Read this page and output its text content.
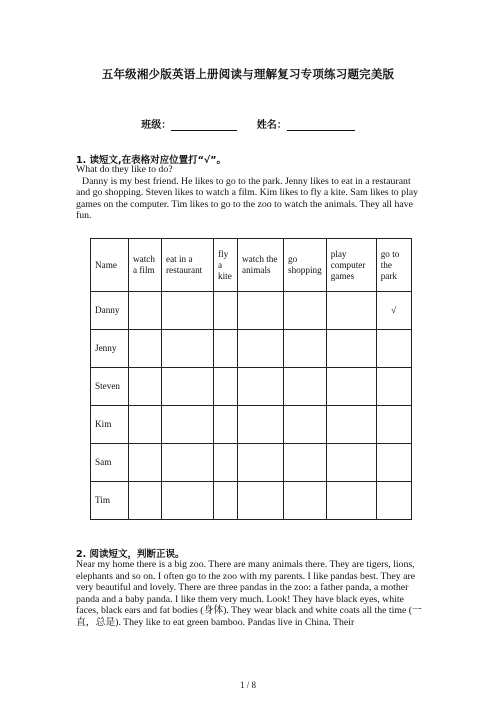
五年级湘少版英语上册阅读与理解复习专项练习题完美版
班级：	姓名：
1. 读短文,在表格对应位置打“√”。

What do they like to do?

Danny is my best friend. He likes to go to the park. Jenny likes to eat in a restaurant and go shopping. Steven likes to watch a film. Kim likes to fly a kite. Sam likes to play games on the computer. Tim likes to go to the zoo to watch the animals. They all have fun.

Name	watch a film	eat in a restaurant	fly a kite	watch the animals	go shopping	play computer games	go to the park
Danny							√
Jenny							
Steven							
Kim							
Sam							
Tim							
2. 阅读短文，判断正误。

Near my home there is a big zoo. There are many animals there. They are tigers, lions, elephants and so on. I often go to the zoo with my parents. I like pandas best. They are very beautiful and lovely. There are three pandas in the zoo: a father panda, a mother panda and a baby panda. I like them very much. Look! They have black eyes, white faces, black ears and fat bodies (身体). They wear black and white coats all the time (一直，总是). They like to eat green bamboo. Pandas live in China. Their

1 / 8
